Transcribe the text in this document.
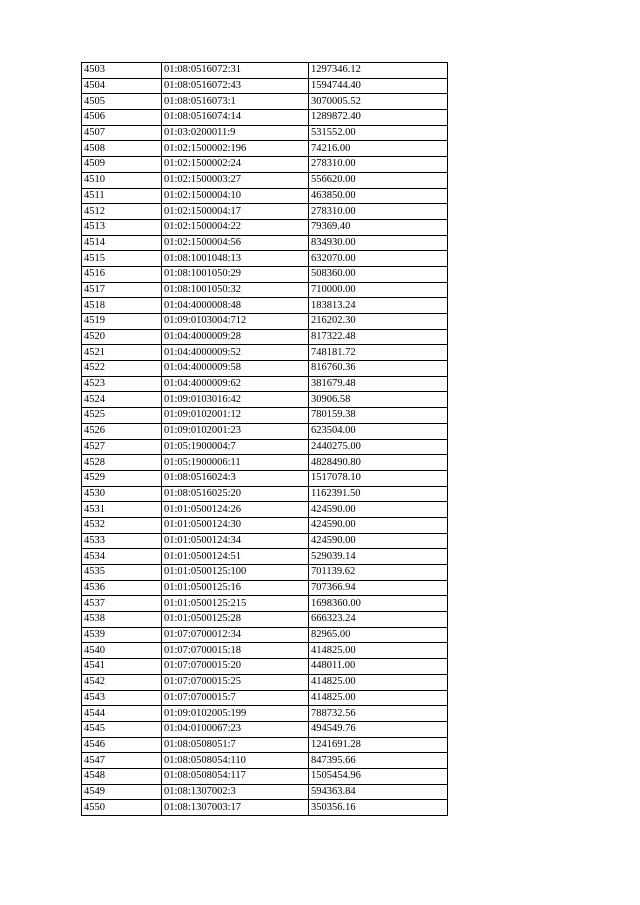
4503	01:08:0516072:31	1297346.12
4504	01:08:0516072:43	1594744.40
4505	01:08:0516073:1	3070005.52
4506	01:08:0516074:14	1289872.40
4507	01:03:0200011:9	531552.00
4508	01:02:1500002:196	74216.00
4509	01:02:1500002:24	278310.00
4510	01:02:1500003:27	556620.00
4511	01:02:1500004:10	463850.00
4512	01:02:1500004:17	278310.00
4513	01:02:1500004:22	79369.40
4514	01:02:1500004:56	834930.00
4515	01:08:1001048:13	632070.00
4516	01:08:1001050:29	508360.00
4517	01:08:1001050:32	710000.00
4518	01:04:4000008:48	183813.24
4519	01:09:0103004:712	216202.30
4520	01:04:4000009:28	817322.48
4521	01:04:4000009:52	748181.72
4522	01:04:4000009:58	816760.36
4523	01:04:4000009:62	381679.48
4524	01:09:0103016:42	30906.58
4525	01:09:0102001:12	780159.38
4526	01:09:0102001:23	623504.00
4527	01:05:1900004:7	2440275.00
4528	01:05:1900006:11	4828490.80
4529	01:08:0516024:3	1517078.10
4530	01:08:0516025:20	1162391.50
4531	01:01:0500124:26	424590.00
4532	01:01:0500124:30	424590.00
4533	01:01:0500124:34	424590.00
4534	01:01:0500124:51	529039.14
4535	01:01:0500125:100	701139.62
4536	01:01:0500125:16	707366.94
4537	01:01:0500125:215	1698360.00
4538	01:01:0500125:28	666323.24
4539	01:07:0700012:34	82965.00
4540	01:07:0700015:18	414825.00
4541	01:07:0700015:20	448011.00
4542	01:07:0700015:25	414825.00
4543	01:07:0700015:7	414825.00
4544	01:09:0102005:199	788732.56
4545	01:04:0100067:23	494549.76
4546	01:08:0508051:7	1241691.28
4547	01:08:0508054:110	847395.66
4548	01:08:0508054:117	1505454.96
4549	01:08:1307002:3	594363.84
4550	01:08:1307003:17	350356.16
